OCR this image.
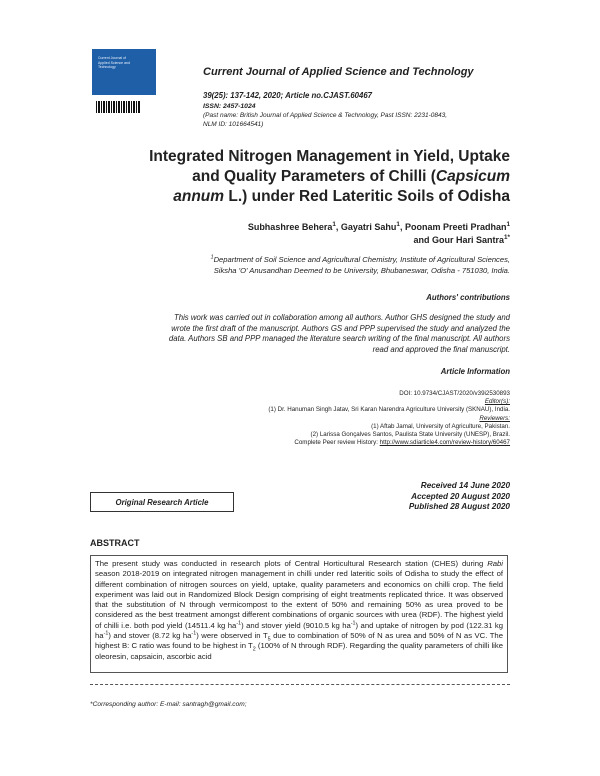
Current Journal of
Applied Science and
Technology	Current Journal of Applied Science and Technology
39(25): 137-142, 2020; Article no.CJAST.60467
ISSN: 2457-1024
(Past name: British Journal of Applied Science & Technology, Past ISSN: 2231-0843,
NLM ID: 101664541)
Integrated Nitrogen Management in Yield, Uptake
and Quality Parameters of Chilli (Capsicum
annum L.) under Red Lateritic Soils of Odisha
Subhashree Behera$^1$, Gayatri Sahu$^1$, Poonam Preeti Pradhan$^1$
and Gour Hari Santra$^{1*}$
$^1$Department of Soil Science and Agricultural Chemistry, Institute of Agricultural Sciences,
Siksha 'O' Anusandhan Deemed to be University, Bhubaneswar, Odisha - 751030, India.
Authors' contributions
This work was carried out in collaboration among all authors. Author GHS designed the study and
wrote the first draft of the manuscript. Authors GS and PPP supervised the study and analyzed the
data. Authors SB and PPP managed the literature search writing of the final manuscript. All authors
read and approved the final manuscript.
Article Information
DOI: 10.9734/CJAST/2020/v39i2530893
Editor(s):
(1) Dr. Hanuman Singh Jatav, Sri Karan Narendra Agriculture University (SKNAU), India.
Reviewers:
(1) Aftab Jamal, University of Agriculture, Pakistan.
(2) Larissa Gonçalves Santos, Paulista State University (UNESP), Brazil.
Complete Peer review History: http://www.sdiarticle4.com/review-history/60467
Original Research Article
Received 14 June 2020
Accepted 20 August 2020
Published 28 August 2020
ABSTRACT
The present study was conducted in research plots of Central Horticultural Research station (CHES) during Rabi season 2018-2019 on integrated nitrogen management in chilli under red lateritic soils of Odisha to study the effect of different combination of nitrogen sources on yield, uptake, quality parameters and economics on chilli crop. The field experiment was laid out in Randomized Block Design comprising of eight treatments replicated thrice. It was observed that the substitution of N through vermicompost to the extent of 50% and remaining 50% as urea proved to be considered as the best treatment amongst different combinations of organic sources with urea (RDF). The highest yield of chilli i.e. both pod yield (14511.4 kg $ha^{-1}$) and stover yield (9010.5 kg $ha^{-1}$) and uptake of nitrogen by pod (122.31 kg $ha^{-1}$) and stover (8.72 kg $ha^{-1}$) were observed in $T_5$ due to combination of 50% of N as urea and 50% of N as VC. The highest B: C ratio was found to be highest in $T_2$ (100% of N through RDF). Regarding the quality parameters of chilli like oleoresin, capsaicin, ascorbic acid
*Corresponding author: E-mail: santragh@gmail.com;
